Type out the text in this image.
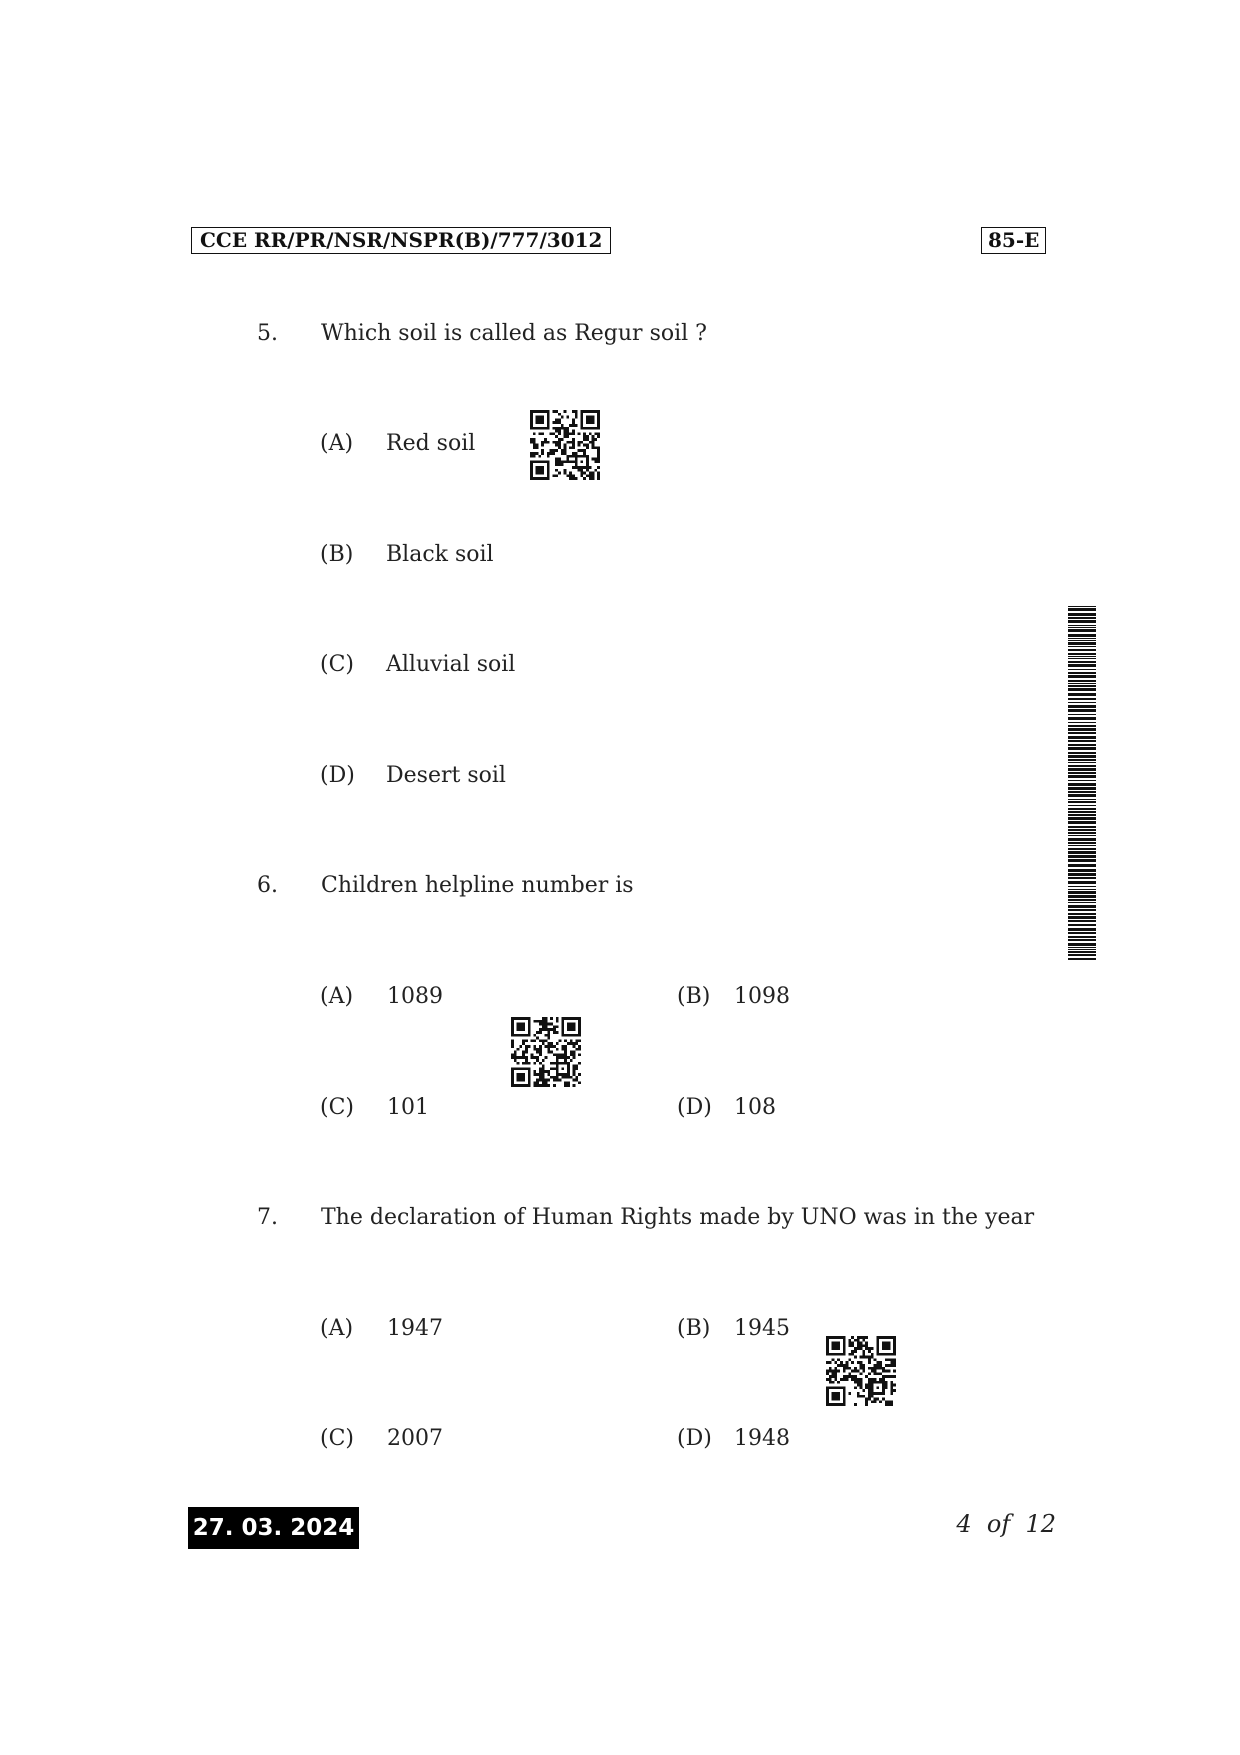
CCE RR/PR/NSR/NSPR(B)/777/3012	85-E
5. Which soil is called as Regur soil ?
(A) Red soil
(B) Black soil
(C) Alluvial soil
(D) Desert soil
6. Children helpline number is
(A) 1089	(B) 1098
(C) 101	(D) 108
7. The declaration of Human Rights made by UNO was in the year
(A) 1947	(B) 1945
(C) 2007	(D) 1948
27. 03. 2024	4  of  12
